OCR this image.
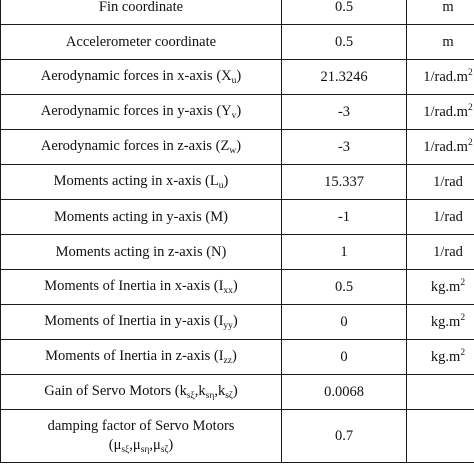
Fin coordinate	0.5	m
Accelerometer coordinate	0.5	m
Aerodynamic forces in x-axis $(X_u)$	21.3246	$1/rad.m^2$
Aerodynamic forces in y-axis $(Y_v)$	-3	$1/rad.m^2$
Aerodynamic forces in z-axis $(Z_w)$	-3	$1/rad.m^2$
Moments acting in x-axis $(L_u)$	15.337	1/rad
Moments acting in y-axis (M)	-1	1/rad
Moments acting in z-axis (N)	1	1/rad
Moments of Inertia in x-axis $(I_{xx})$	0.5	$kg.m^2$
Moments of Inertia in y-axis $(I_{yy})$	0	$kg.m^2$
Moments of Inertia in z-axis $(I_{zz})$	0	$kg.m^2$
Gain of Servo Motors $(k_{s\xi},k_{s\eta},k_{s\zeta})$	0.0068	
damping factor of Servo Motors
$(\mu_{s\xi},\mu_{s\eta},\mu_{s\zeta})$	0.7	
